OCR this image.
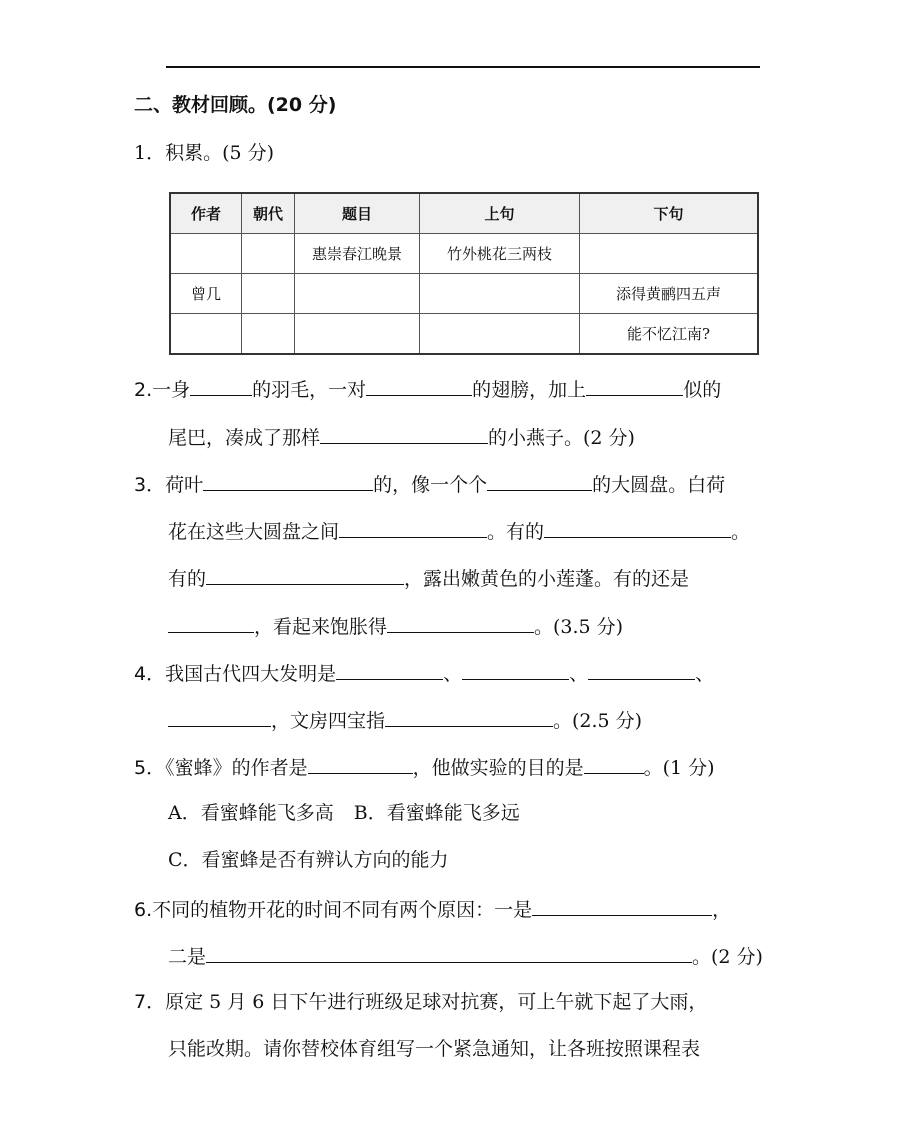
二、教材回顾。(20 分)
1．积累。(5 分)
作者	朝代	题目	上句	下句
		惠崇春江晚景	竹外桃花三两枝	
曾几				添得黄鹂四五声
				能不忆江南?
2.一身	的羽毛，一对	的翅膀，加上	似的
尾巴，凑成了那样	的小燕子。(2 分)
3．荷叶	的，像一个个	的大圆盘。白荷
花在这些大圆盘之间	。有的	。
有的	，露出嫩黄色的小莲蓬。有的还是
，看起来饱胀得	。(3.5 分)
4．我国古代四大发明是	、	、	、
，文房四宝指	。(2.5 分)
5．《蜜蜂》的作者是	，他做实验的目的是	。(1 分)
A．看蜜蜂能飞多高 B．看蜜蜂能飞多远
C．看蜜蜂是否有辨认方向的能力
6.不同的植物开花的时间不同有两个原因：一是	，
二是	。(2 分)
7．原定 5 月 6 日下午进行班级足球对抗赛，可上午就下起了大雨，
只能改期。请你替校体育组写一个紧急通知，让各班按照课程表
